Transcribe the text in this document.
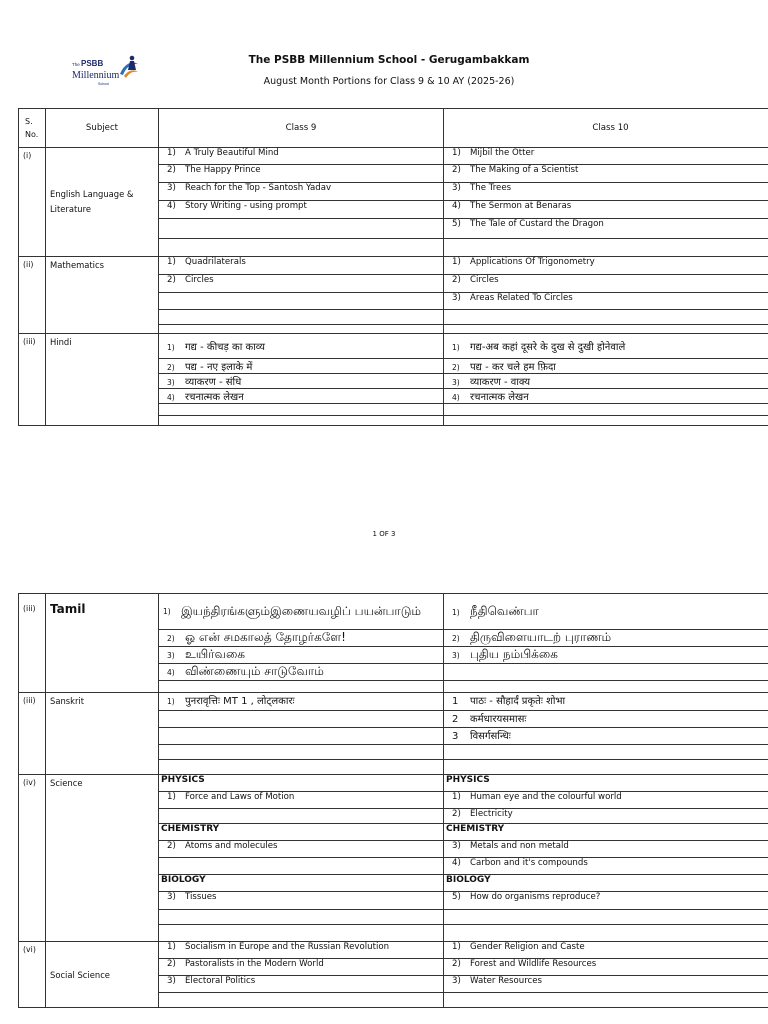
The PSBB
Millennium
School
The PSBB Millennium School - Gerugambakkam
August Month Portions for Class 9 & 10 AY (2025-26)
S.
No.	Subject	Class 9	Class 10
(i)	English Language & Literature	1) A Truly Beautiful Mind	1) Mijbil the Otter
		2) The Happy Prince	2) The Making of a Scientist
		3) Reach for the Top - Santosh Yadav	3) The Trees
		4) Story Writing - using prompt	4) The Sermon at Benaras
			5) The Tale of Custard the Dragon

(ii)	Mathematics	1) Quadrilaterals	1) Applications Of Trigonometry
		2) Circles	2) Circles
			3) Areas Related To Circles

(iii)	Hindi	1) गद्य - कीचड़ का काव्य	1) गद्य-अब कहां दूसरे के दुख से दुखी होनेवाले
		2) पद्य - नए इलाके में	2) पद्य - कर चले हम फ़िदा
		3) व्याकरण - संधि	3) व्याकरण - वाक्य
		4) रचनात्मक लेखन	4) रचनात्मक लेखन

1 OF 3
(iii)	Tamil	1) இயந்திரங்களும்இணையவழிப் பயன்பாடும்	1) நீதிவெண்பா
		2) ஓ என் சமகாலத் தோழர்களே!	2) திருவிளையாடற் புராணம்
		3) உயிர்வகை	3) புதிய நம்பிக்கை
		4) விண்ணையும் சாடுவோம்	

(iii)	Sanskrit	1) पुनरावृत्तिः MT 1 , लोट्लकारः	1 पाठः - सौहार्दं प्रकृतेः शोभा
			2 कर्मधारयसमासः
			3 विसर्गसन्धिः

(iv)	Science	PHYSICS	PHYSICS
		1) Force and Laws of Motion	1) Human eye and the colourful world
			2) Electricity
		CHEMISTRY	CHEMISTRY
		2) Atoms and molecules	3) Metals and non metald
			4) Carbon and it's compounds
		BIOLOGY	BIOLOGY
		3) Tissues	5) How do organisms reproduce?

(vi)	Social Science	1) Socialism in Europe and the Russian Revolution	1) Gender Religion and Caste
		2) Pastoralists in the Modern World	2) Forest and Wildlife Resources
		3) Electoral Politics	3) Water Resources
